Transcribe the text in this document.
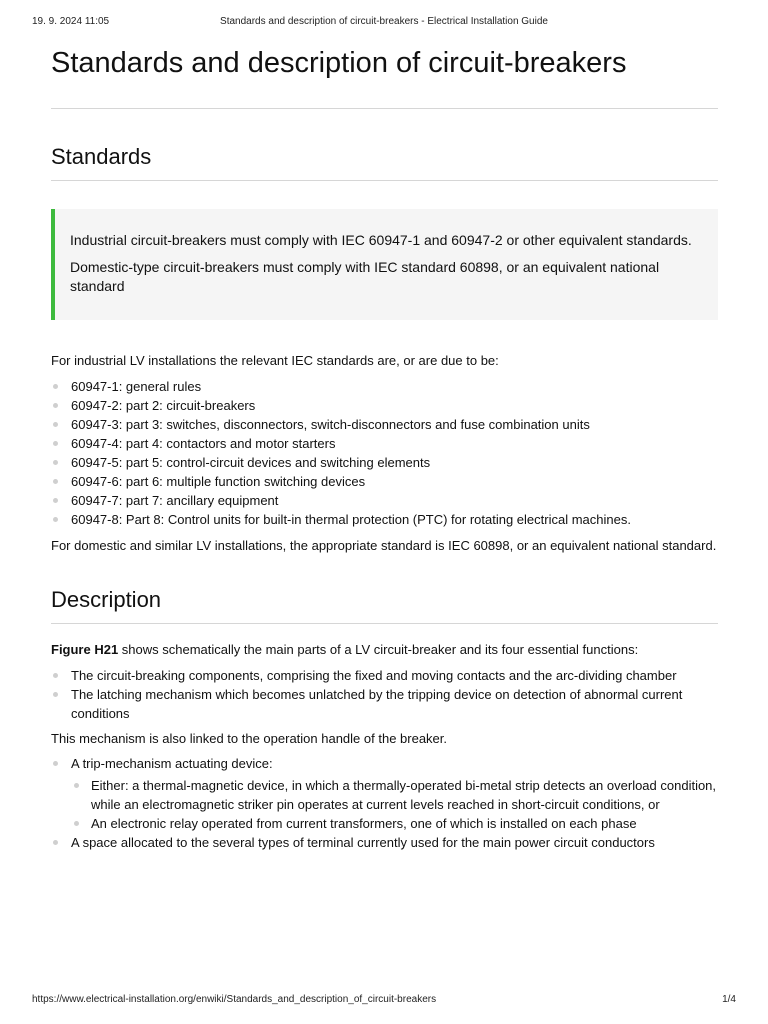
19. 9. 2024 11:05	Standards and description of circuit-breakers - Electrical Installation Guide
Standards and description of circuit-breakers
Standards

Industrial circuit-breakers must comply with IEC 60947-1 and 60947-2 or other equivalent standards.

Domestic-type circuit-breakers must comply with IEC standard 60898, or an equivalent national standard

For industrial LV installations the relevant IEC standards are, or are due to be:

60947-1: general rules
60947-2: part 2: circuit-breakers
60947-3: part 3: switches, disconnectors, switch-disconnectors and fuse combination units
60947-4: part 4: contactors and motor starters
60947-5: part 5: control-circuit devices and switching elements
60947-6: part 6: multiple function switching devices
60947-7: part 7: ancillary equipment
60947-8: Part 8: Control units for built-in thermal protection (PTC) for rotating electrical machines.

For domestic and similar LV installations, the appropriate standard is IEC 60898, or an equivalent national standard.

Description

Figure H21 shows schematically the main parts of a LV circuit-breaker and its four essential functions:

The circuit-breaking components, comprising the fixed and moving contacts and the arc-dividing chamber
The latching mechanism which becomes unlatched by the tripping device on detection of abnormal current conditions

This mechanism is also linked to the operation handle of the breaker.

A trip-mechanism actuating device:
Either: a thermal-magnetic device, in which a thermally-operated bi-metal strip detects an overload condition, while an electromagnetic striker pin operates at current levels reached in short-circuit conditions, or
An electronic relay operated from current transformers, one of which is installed on each phase
A space allocated to the several types of terminal currently used for the main power circuit conductors
https://www.electrical-installation.org/enwiki/Standards_and_description_of_circuit-breakers	1/4
